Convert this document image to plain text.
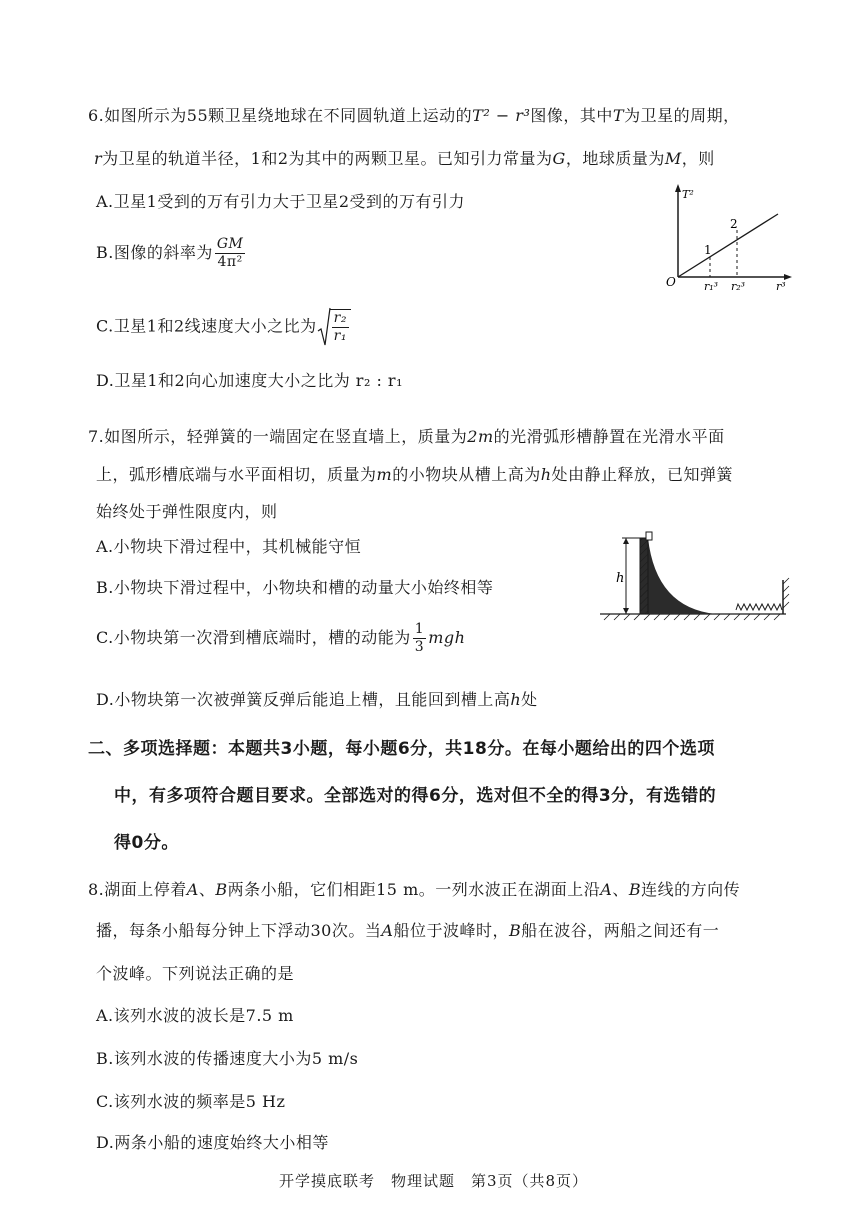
6.如图所示为55颗卫星绕地球在不同圆轨道上运动的T² − r³图像，其中T为卫星的周期，
r为卫星的轨道半径，1和2为其中的两颗卫星。已知引力常量为G，地球质量为M，则
A.卫星1受到的万有引力大于卫星2受到的万有引力
B.图像的斜率为 $\frac{GM}{\text{4π²}}$
C.卫星1和2线速度大小之比为 $\frac{\text{r₂}}{\text{r₁}}$
D.卫星1和2向心加速度大小之比为 r₂ : r₁
T²
r³
O
1
2
r₁³ r₂³
7.如图所示，轻弹簧的一端固定在竖直墙上，质量为2m的光滑弧形槽静置在光滑水平面
上，弧形槽底端与水平面相切，质量为m的小物块从槽上高为h处由静止释放，已知弹簧
始终处于弹性限度内，则
A.小物块下滑过程中，其机械能守恒
B.小物块下滑过程中，小物块和槽的动量大小始终相等
C.小物块第一次滑到槽底端时，槽的动能为 $\frac{1}{3}$ mgh
D.小物块第一次被弹簧反弹后能追上槽，且能回到槽上高h处
h
二、多项选择题：本题共3小题，每小题6分，共18分。在每小题给出的四个选项
中，有多项符合题目要求。全部选对的得6分，选对但不全的得3分，有选错的
得0分。
8.湖面上停着A、B两条小船，它们相距15 m。一列水波正在湖面上沿A、B连线的方向传
播，每条小船每分钟上下浮动30次。当A船位于波峰时，B船在波谷，两船之间还有一
个波峰。下列说法正确的是
A.该列水波的波长是7.5 m
B.该列水波的传播速度大小为5 m/s
C.该列水波的频率是5 Hz
D.两条小船的速度始终大小相等
开学摸底联考　物理试题　第3页（共8页）
